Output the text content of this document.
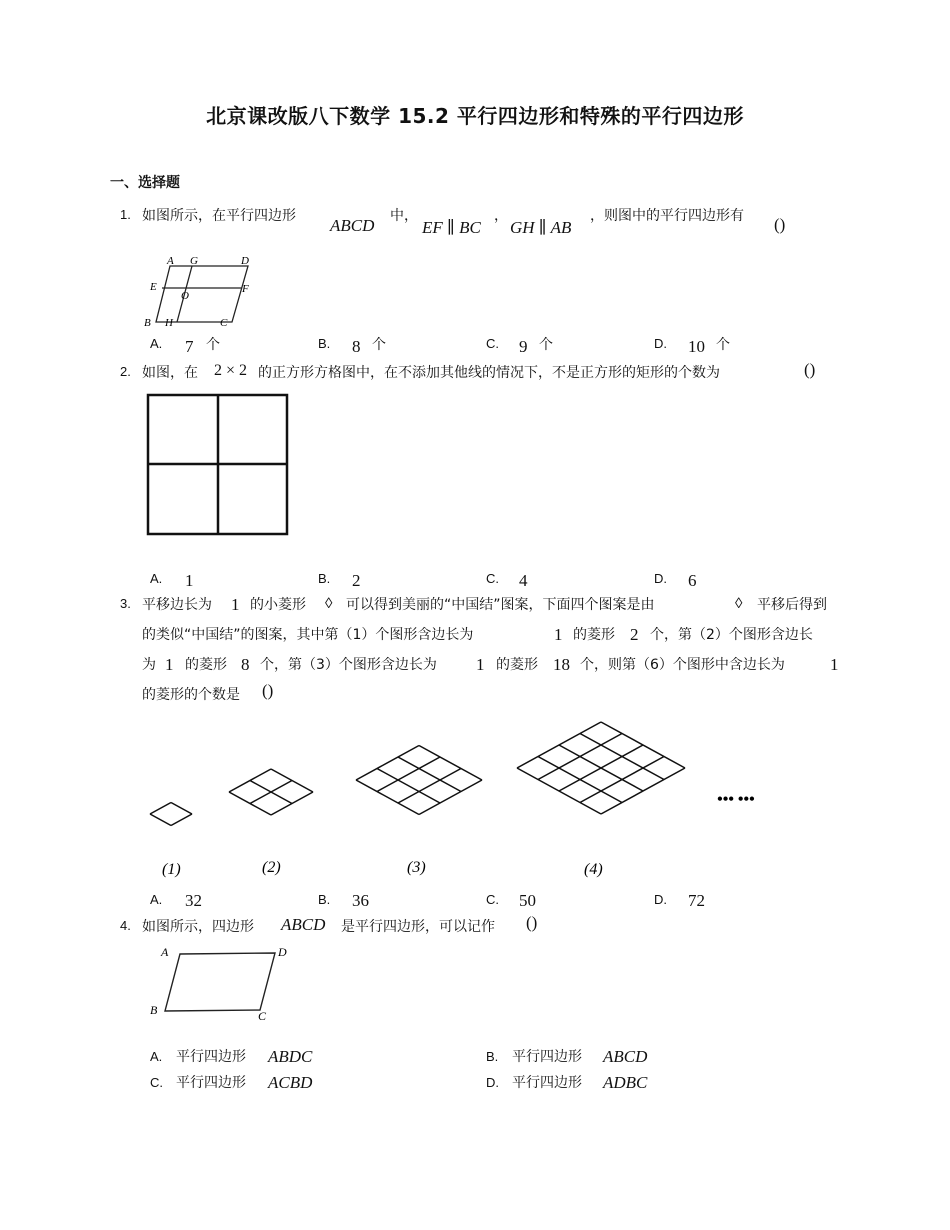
北京课改版八下数学 15.2 平行四边形和特殊的平行四边形
一、选择题
1. 如图所示，在平行四边形 ABCD 中，
EF ∥ BC
，
GH ∥ AB
，则图中的平行四边形有 ()
A G	D
E
O
F
B H	C
A. 7 个	B. 8 个	C. 9 个	D. 10 个
2. 如图，在 2 × 2 的正方形方格图中，在不添加其他线的情况下，不是正方形的矩形的个数为	()
A. 1	B. 2	C. 4	D. 6
3. 平移边长为 1 的小菱形 ◊ 可以得到美丽的“中国结”图案，下面四个图案是由	◊ 平移后得到
的类似“中国结”的图案，其中第（1）个图形含边长为	1 的菱形 2 个，第（2）个图形含边长
为 1 的菱形 8 个，第（3）个图形含边长为 1 的菱形 18 个，则第（6）个图形中含边长为	1
的菱形的个数是 ()
(1)	(2)	(3)	(4)
••• •••
A. 32	B. 36	C. 50	D. 72
4. 如图所示，四边形 ABCD 是平行四边形，可以记作 ()
A	D
B	C
A. 平行四边形 ABDC	B. 平行四边形 ABCD
C. 平行四边形 ACBD	D. 平行四边形 ADBC
